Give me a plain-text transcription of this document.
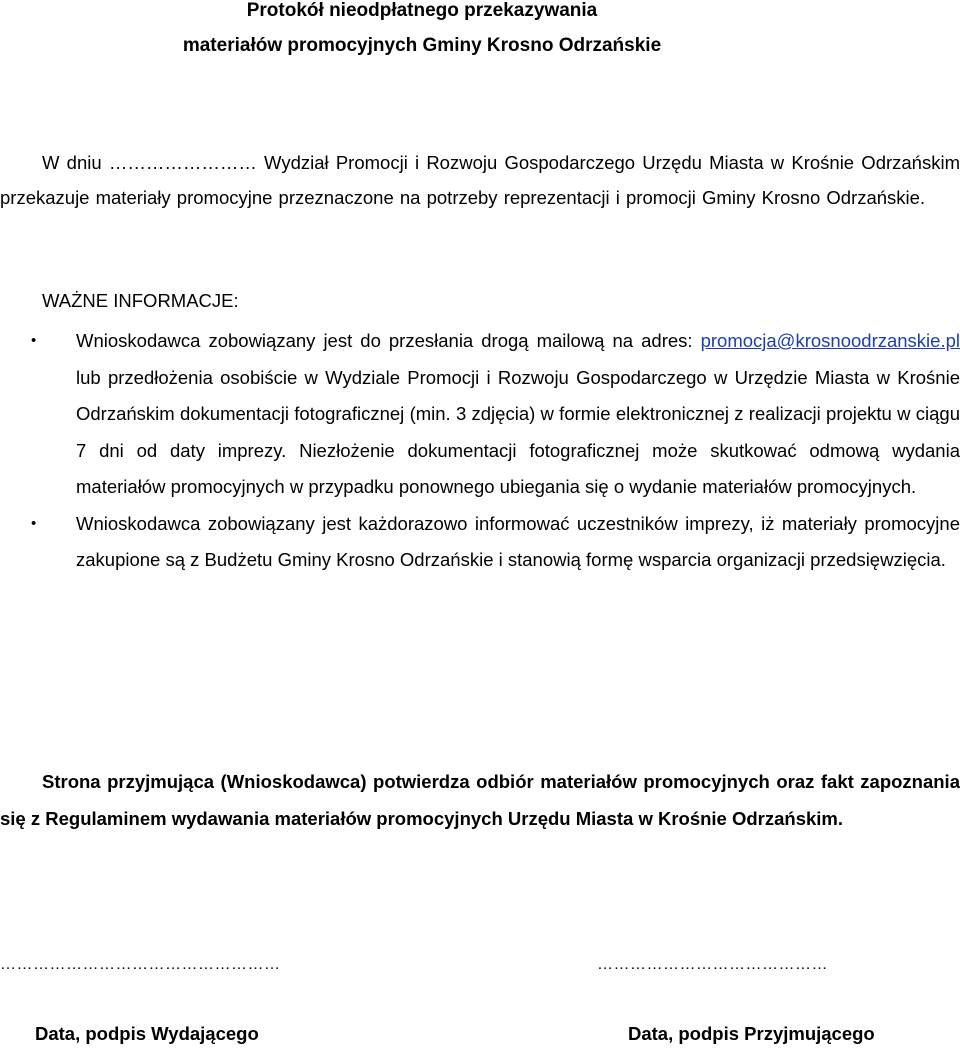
Protokół nieodpłatnego przekazywania
materiałów promocyjnych Gminy Krosno Odrzańskie
W dniu …………………… Wydział Promocji i Rozwoju Gospodarczego Urzędu Miasta w Krośnie Odrzańskim przekazuje materiały promocyjne przeznaczone na potrzeby reprezentacji i promocji Gminy Krosno Odrzańskie.
WAŻNE INFORMACJE:
• Wnioskodawca zobowiązany jest do przesłania drogą mailową na adres: promocja@krosnoodrzanskie.pl lub przedłożenia osobiście w Wydziale Promocji i Rozwoju Gospodarczego w Urzędzie Miasta w Krośnie Odrzańskim dokumentacji fotograficznej (min. 3 zdjęcia) w formie elektronicznej z realizacji projektu w ciągu 7 dni od daty imprezy. Niezłożenie dokumentacji fotograficznej może skutkować odmową wydania materiałów promocyjnych w przypadku ponownego ubiegania się o wydanie materiałów promocyjnych.
• Wnioskodawca zobowiązany jest każdorazowo informować uczestników imprezy, iż materiały promocyjne zakupione są z Budżetu Gminy Krosno Odrzańskie i stanowią formę wsparcia organizacji przedsięwzięcia.
Strona przyjmująca (Wnioskodawca) potwierdza odbiór materiałów promocyjnych oraz fakt zapoznania się z Regulaminem wydawania materiałów promocyjnych Urzędu Miasta w Krośnie Odrzańskim.
……………………………………………	……………………………………
Data, podpis Wydającego	Data, podpis Przyjmującego
